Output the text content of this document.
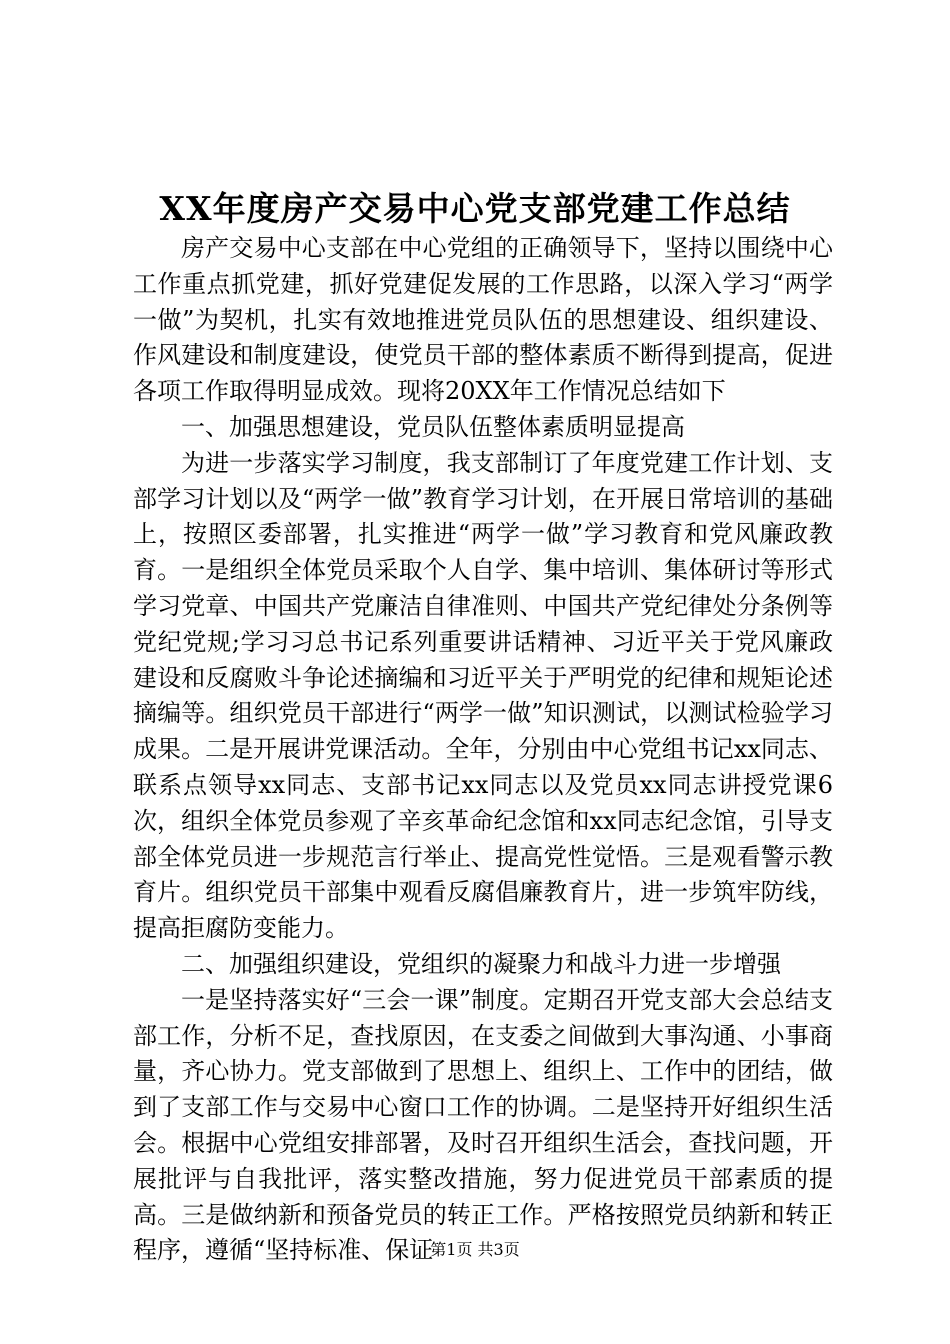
XX年度房产交易中心党支部党建工作总结

房产交易中心支部在中心党组的正确领导下，坚持以围绕中心工作重点抓党建，抓好党建促发展的工作思路，以深入学习“两学一做”为契机，扎实有效地推进党员队伍的思想建设、组织建设、作风建设和制度建设，使党员干部的整体素质不断得到提高，促进各项工作取得明显成效。现将20XX年工作情况总结如下

一、加强思想建设，党员队伍整体素质明显提高

为进一步落实学习制度，我支部制订了年度党建工作计划、支部学习计划以及“两学一做”教育学习计划，在开展日常培训的基础上，按照区委部署，扎实推进“两学一做”学习教育和党风廉政教育。一是组织全体党员采取个人自学、集中培训、集体研讨等形式学习党章、中国共产党廉洁自律准则、中国共产党纪律处分条例等党纪党规;学习习总书记系列重要讲话精神、习近平关于党风廉政建设和反腐败斗争论述摘编和习近平关于严明党的纪律和规矩论述摘编等。组织党员干部进行“两学一做”知识测试，以测试检验学习成果。二是开展讲党课活动。全年，分别由中心党组书记xx同志、联系点领导xx同志、支部书记xx同志以及党员xx同志讲授党课6次，组织全体党员参观了辛亥革命纪念馆和xx同志纪念馆，引导支部全体党员进一步规范言行举止、提高党性觉悟。三是观看警示教育片。组织党员干部集中观看反腐倡廉教育片，进一步筑牢防线，提高拒腐防变能力。

二、加强组织建设，党组织的凝聚力和战斗力进一步增强

一是坚持落实好“三会一课”制度。定期召开党支部大会总结支部工作，分析不足，查找原因，在支委之间做到大事沟通、小事商量，齐心协力。党支部做到了思想上、组织上、工作中的团结，做到了支部工作与交易中心窗口工作的协调。二是坚持开好组织生活会。根据中心党组安排部署，及时召开组织生活会，查找问题，开展批评与自我批评，落实整改措施，努力促进党员干部素质的提高。三是做纳新和预备党员的转正工作。严格按照党员纳新和转正程序，遵循“坚持标准、保证

第1页 共3页
